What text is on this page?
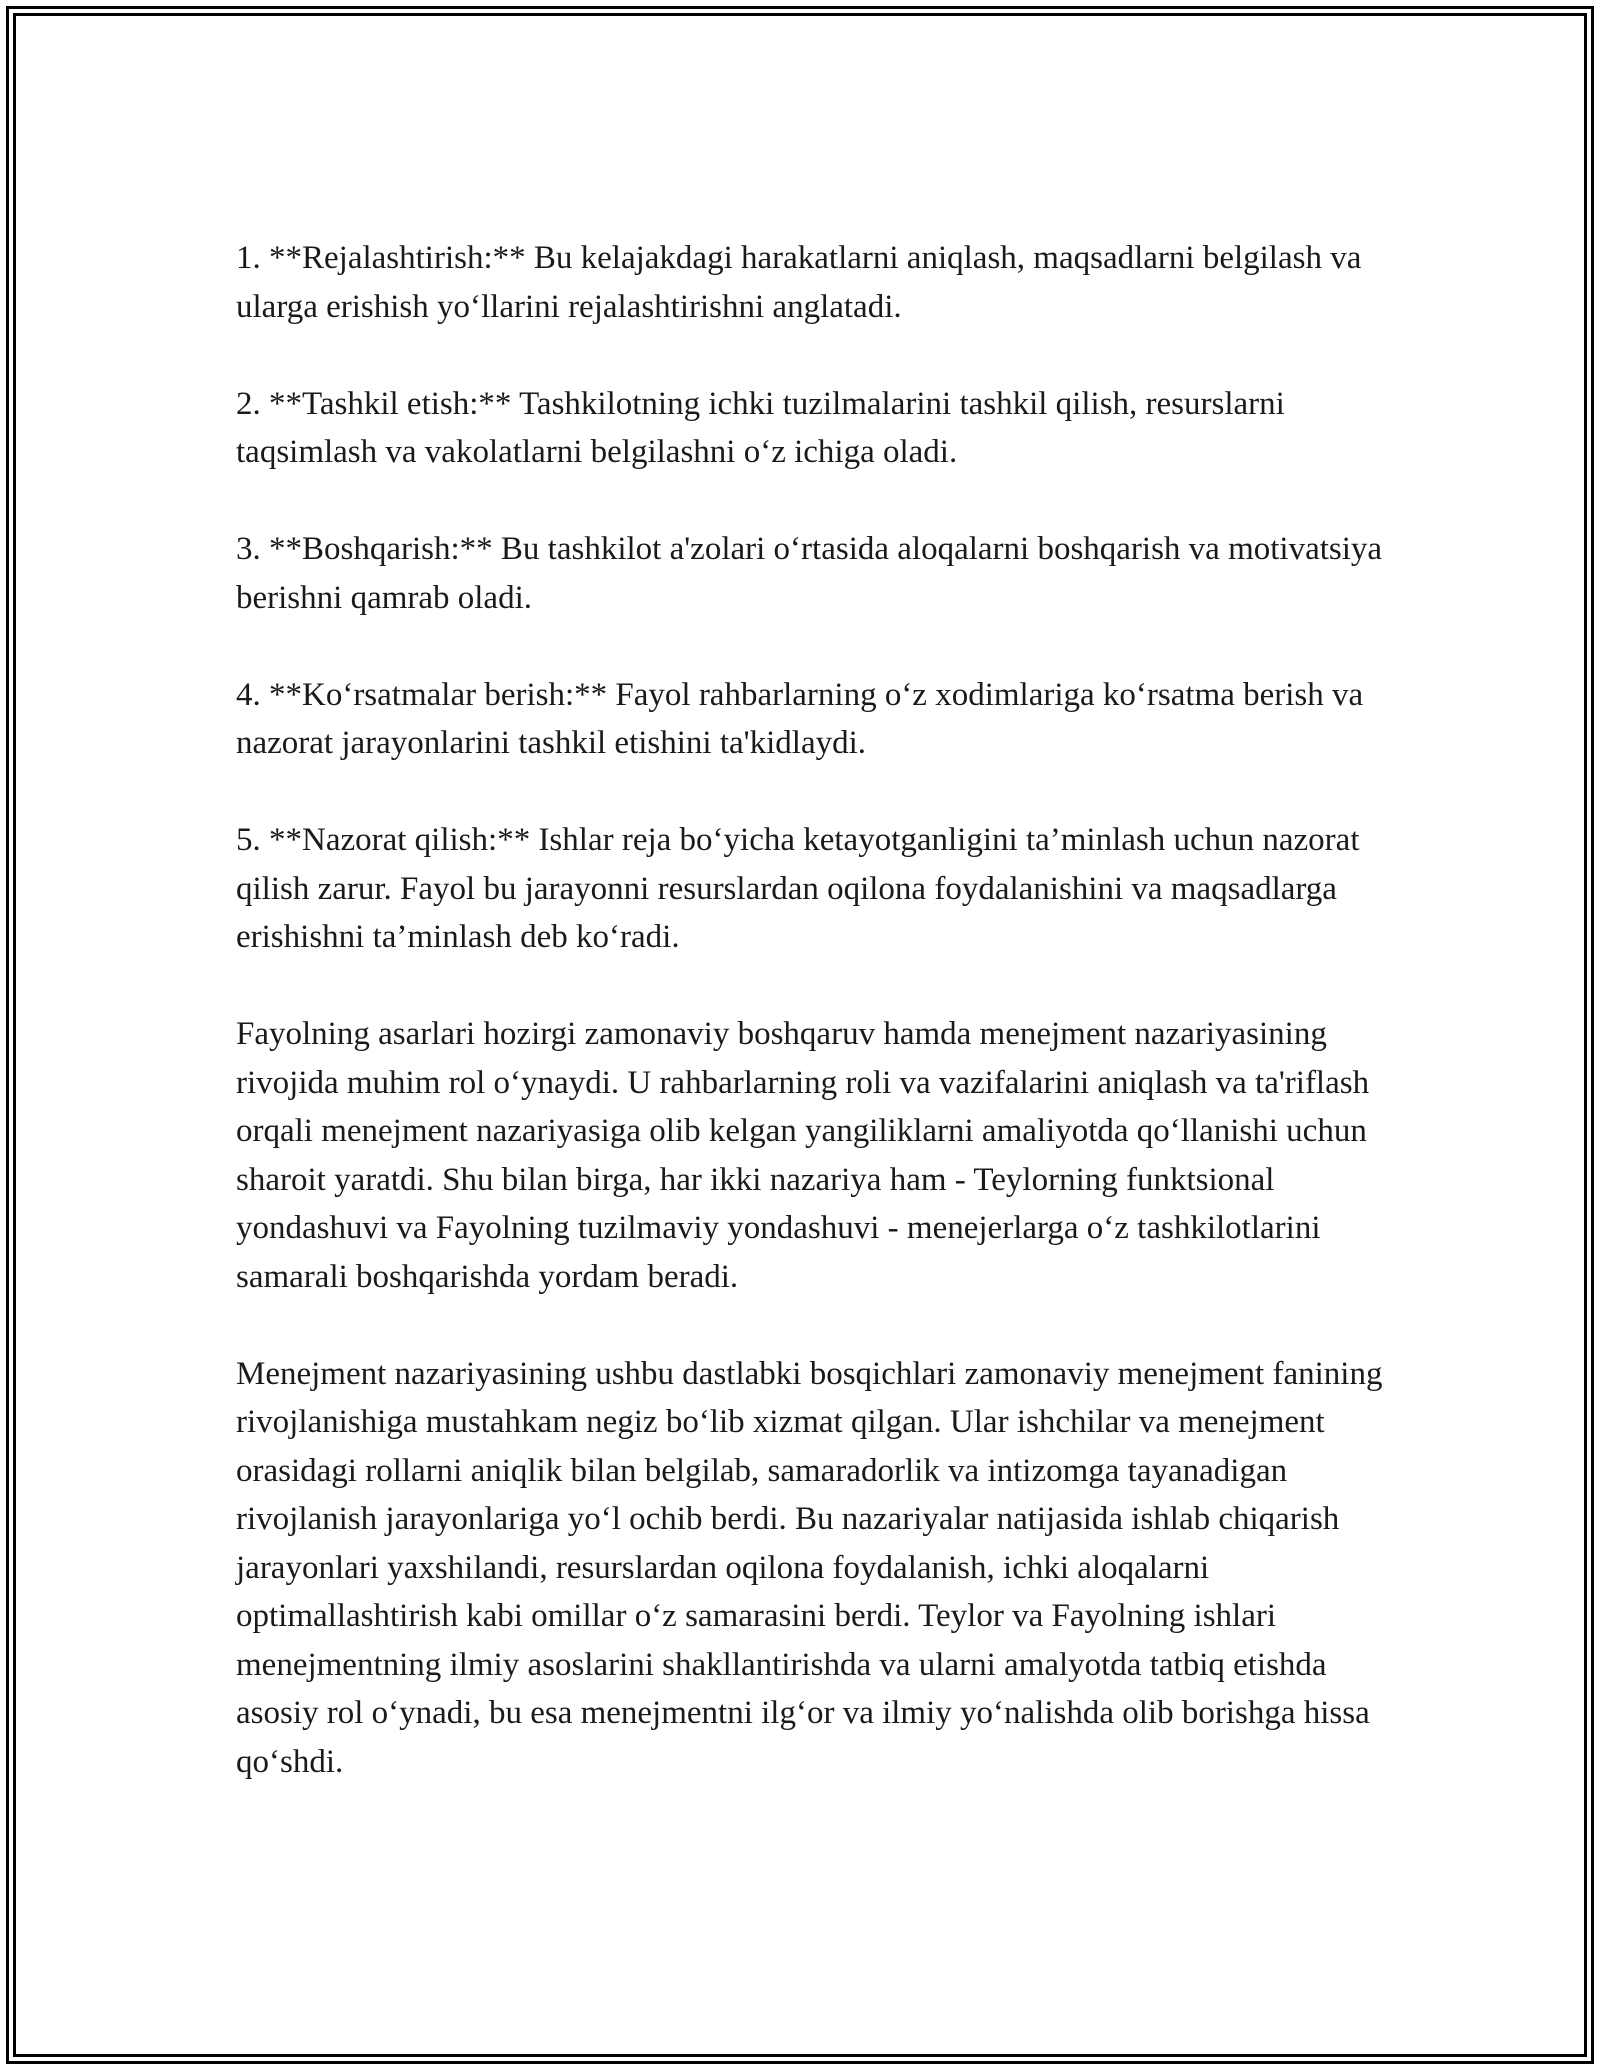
1. **Rejalashtirish:** Bu kelajakdagi harakatlarni aniqlash, maqsadlarni belgilash va ularga erishish yo‘llarini rejalashtirishni anglatadi.

2. **Tashkil etish:** Tashkilotning ichki tuzilmalarini tashkil qilish, resurslarni taqsimlash va vakolatlarni belgilashni o‘z ichiga oladi.

3. **Boshqarish:** Bu tashkilot a'zolari o‘rtasida aloqalarni boshqarish va motivatsiya berishni qamrab oladi.

4. **Ko‘rsatmalar berish:** Fayol rahbarlarning o‘z xodimlariga ko‘rsatma berish va nazorat jarayonlarini tashkil etishini ta'kidlaydi.

5. **Nazorat qilish:** Ishlar reja bo‘yicha ketayotganligini ta’minlash uchun nazorat qilish zarur. Fayol bu jarayonni resurslardan oqilona foydalanishini va maqsadlarga erishishni ta’minlash deb ko‘radi.

Fayolning asarlari hozirgi zamonaviy boshqaruv hamda menejment nazariyasining rivojida muhim rol o‘ynaydi. U rahbarlarning roli va vazifalarini aniqlash va ta'riflash orqali menejment nazariyasiga olib kelgan yangiliklarni amaliyotda qo‘llanishi uchun sharoit yaratdi. Shu bilan birga, har ikki nazariya ham - Teylorning funktsional yondashuvi va Fayolning tuzilmaviy yondashuvi - menejerlarga o‘z tashkilotlarini samarali boshqarishda yordam beradi.

Menejment nazariyasining ushbu dastlabki bosqichlari zamonaviy menejment fanining rivojlanishiga mustahkam negiz bo‘lib xizmat qilgan. Ular ishchilar va menejment orasidagi rollarni aniqlik bilan belgilab, samaradorlik va intizomga tayanadigan rivojlanish jarayonlariga yo‘l ochib berdi. Bu nazariyalar natijasida ishlab chiqarish jarayonlari yaxshilandi, resurslardan oqilona foydalanish, ichki aloqalarni optimallashtirish kabi omillar o‘z samarasini berdi. Teylor va Fayolning ishlari menejmentning ilmiy asoslarini shakllantirishda va ularni amalyotda tatbiq etishda asosiy rol o‘ynadi, bu esa menejmentni ilg‘or va ilmiy yo‘nalishda olib borishga hissa qo‘shdi.
